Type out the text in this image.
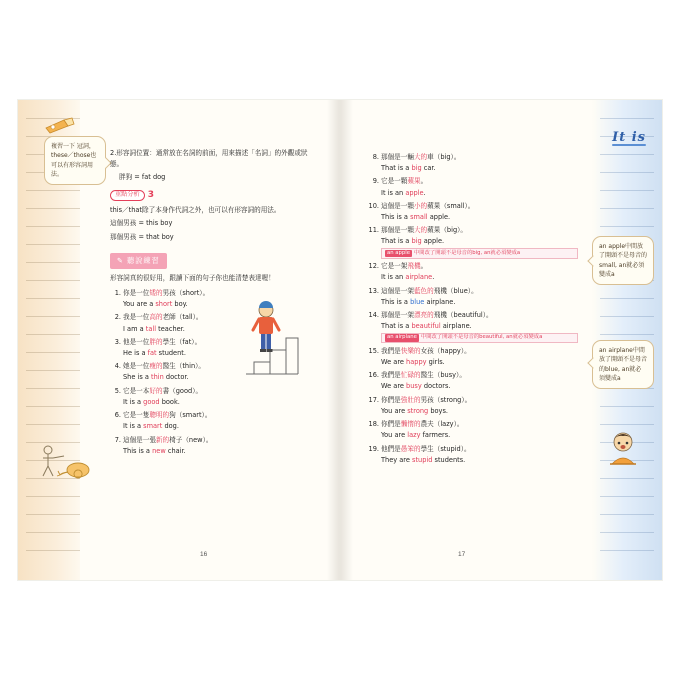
複習一下 冠詞，these／those也可以有形容詞用法。
2.形容詞位置：通常放在名詞的前面，用來描述「名詞」的外觀或狀態。
胖狗 = fat dog
重點分析 3
this／that除了本身作代詞之外，也可以有形容詞的用法。
這個男孩 = this boy
那個男孩 = that boy
✎ 聽說練習
形容詞真的很好用，跟讀下面的句子你也能清楚表達喔！
1. 你是一位矮的男孩（short）。
You are a short boy.
2. 我是一位高的老師（tall）。
I am a tall teacher.
3. 他是一位胖的學生（fat）。
He is a fat student.
4. 她是一位瘦的醫生（thin）。
She is a thin doctor.
5. 它是一本好的書（good）。
It is a good book.
6. 它是一隻聰明的狗（smart）。
It is a smart dog.
7. 這個是一張新的椅子（new）。
This is a new chair.
16
It is
an apple中間放了開頭不是母音的small, an就必須變成a
an airplane中間放了開頭不是母音的blue, an就必須變成a
8. 那個是一輛大的車（big）。
That is a big car.
9. 它是一顆蘋果。
It is an apple.
10. 這個是一顆小的蘋果（small）。
This is a small apple.
11. 那個是一顆大的蘋果（big）。
That is a big apple.
an apple 中間改了開頭不是母音的big, an就必須變成a
12. 它是一架飛機。
It is an airplane.
13. 這個是一架藍色的飛機（blue）。
This is a blue airplane.
14. 那個是一架漂亮的飛機（beautiful）。
That is a beautiful airplane.
an airplane 中間改了開頭不是母音的beautiful, an就必須變成a
15. 我們是快樂的女孩（happy）。
We are happy girls.
16. 我們是忙碌的醫生（busy）。
We are busy doctors.
17. 你們是強壯的男孩（strong）。
You are strong boys.
18. 你們是懶惰的農夫（lazy）。
You are lazy farmers.
19. 他們是愚笨的學生（stupid）。
They are stupid students.
17
